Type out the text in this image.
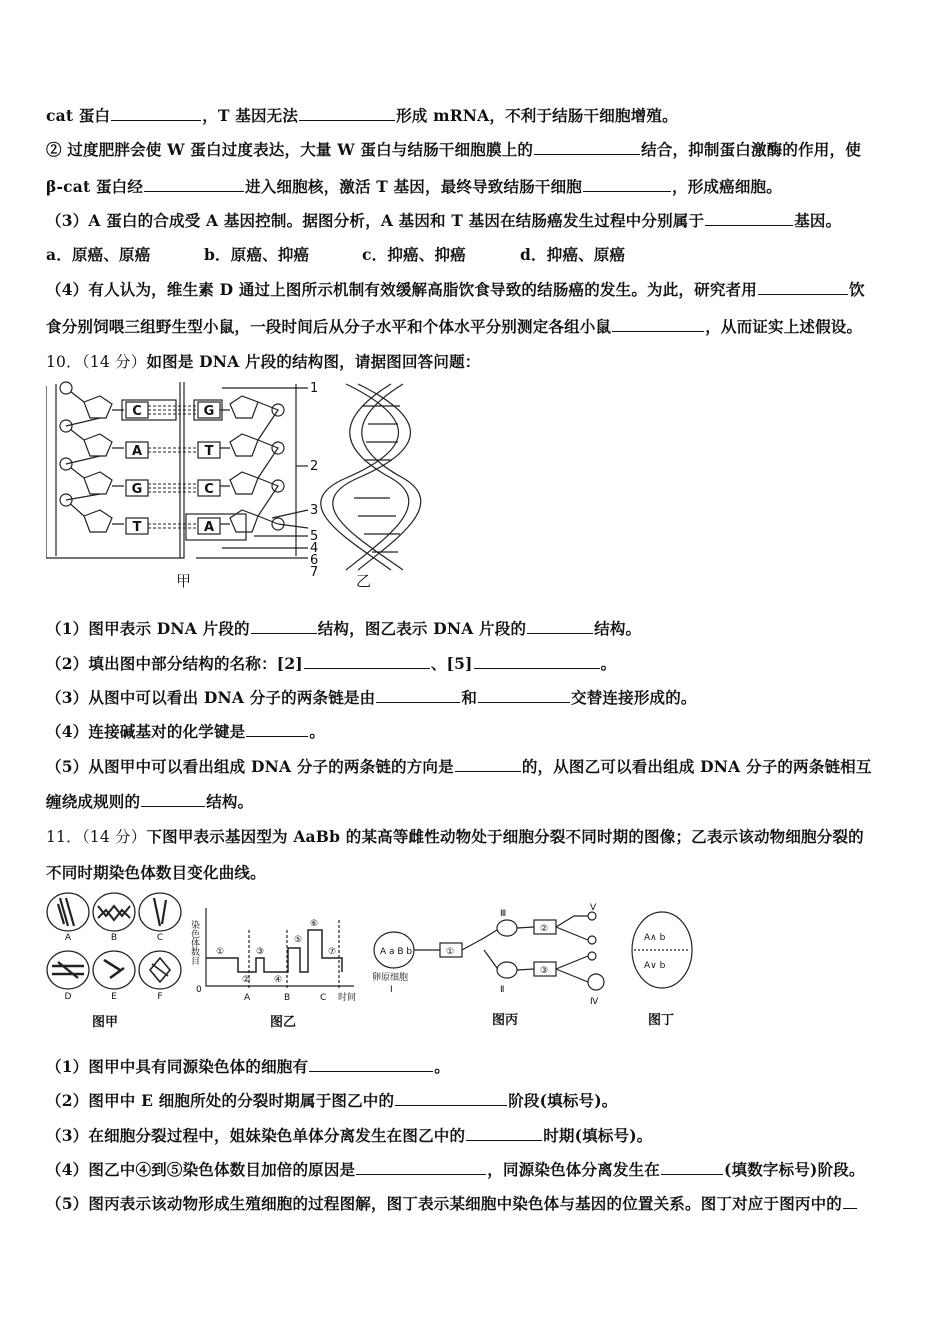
cat 蛋白	，T 基因无法	形成 mRNA，不利于结肠干细胞增殖。
② 过度肥胖会使 W 蛋白过度表达，大量 W 蛋白与结肠干细胞膜上的	结合，抑制蛋白激酶的作用，使
β-cat 蛋白经	进入细胞核，激活 T 基因，最终导致结肠干细胞	，形成癌细胞。
（3）A 蛋白的合成受 A 基因控制。据图分析，A 基因和 T 基因在结肠癌发生过程中分别属于	基因。
a．原癌、原癌	b．原癌、抑癌	c．抑癌、抑癌	d．抑癌、原癌
（4）有人认为，维生素 D 通过上图所示机制有效缓解高脂饮食导致的结肠癌的发生。为此，研究者用	饮
食分别饲喂三组野生型小鼠，一段时间后从分子水平和个体水平分别测定各组小鼠	，从而证实上述假设。
10．（14 分）如图是 DNA 片段的结构图，请据图回答问题：
C
A
G
T
G
T
C
A
1
2
3
5
4
6
7
甲	乙
（1）图甲表示 DNA 片段的	结构，图乙表示 DNA 片段的	结构。
（2）填出图中部分结构的名称：[2]	、[5]	。
（3）从图中可以看出 DNA 分子的两条链是由	和	交替连接形成的。
（4）连接碱基对的化学键是	。
（5）从图甲中可以看出组成 DNA 分子的两条链的方向是	的，从图乙可以看出组成 DNA 分子的两条链相互
缠绕成规则的	结构。
11．（14 分）下图甲表示基因型为 AaBb 的某高等雌性动物处于细胞分裂不同时期的图像；乙表示该动物细胞分裂的
不同时期染色体数目变化曲线。
A	B	C
D	E	F
染色体数目
0
时间
①
②
③
④
⑤
⑥
⑦
A	B	C
A a B b
卵原细胞
Ⅰ
Ⅲ
Ⅱ
Ⅴ
Ⅳ
①
②
③
A∧ b
A∨ b
图甲	图乙	图丙	图丁
（1）图甲中具有同源染色体的细胞有	。
（2）图甲中 E 细胞所处的分裂时期属于图乙中的	阶段(填标号)。
（3）在细胞分裂过程中，姐妹染色单体分离发生在图乙中的	时期(填标号)。
（4）图乙中④到⑤染色体数目加倍的原因是	，同源染色体分离发生在	(填数字标号)阶段。
（5）图丙表示该动物形成生殖细胞的过程图解，图丁表示某细胞中染色体与基因的位置关系。图丁对应于图丙中的
